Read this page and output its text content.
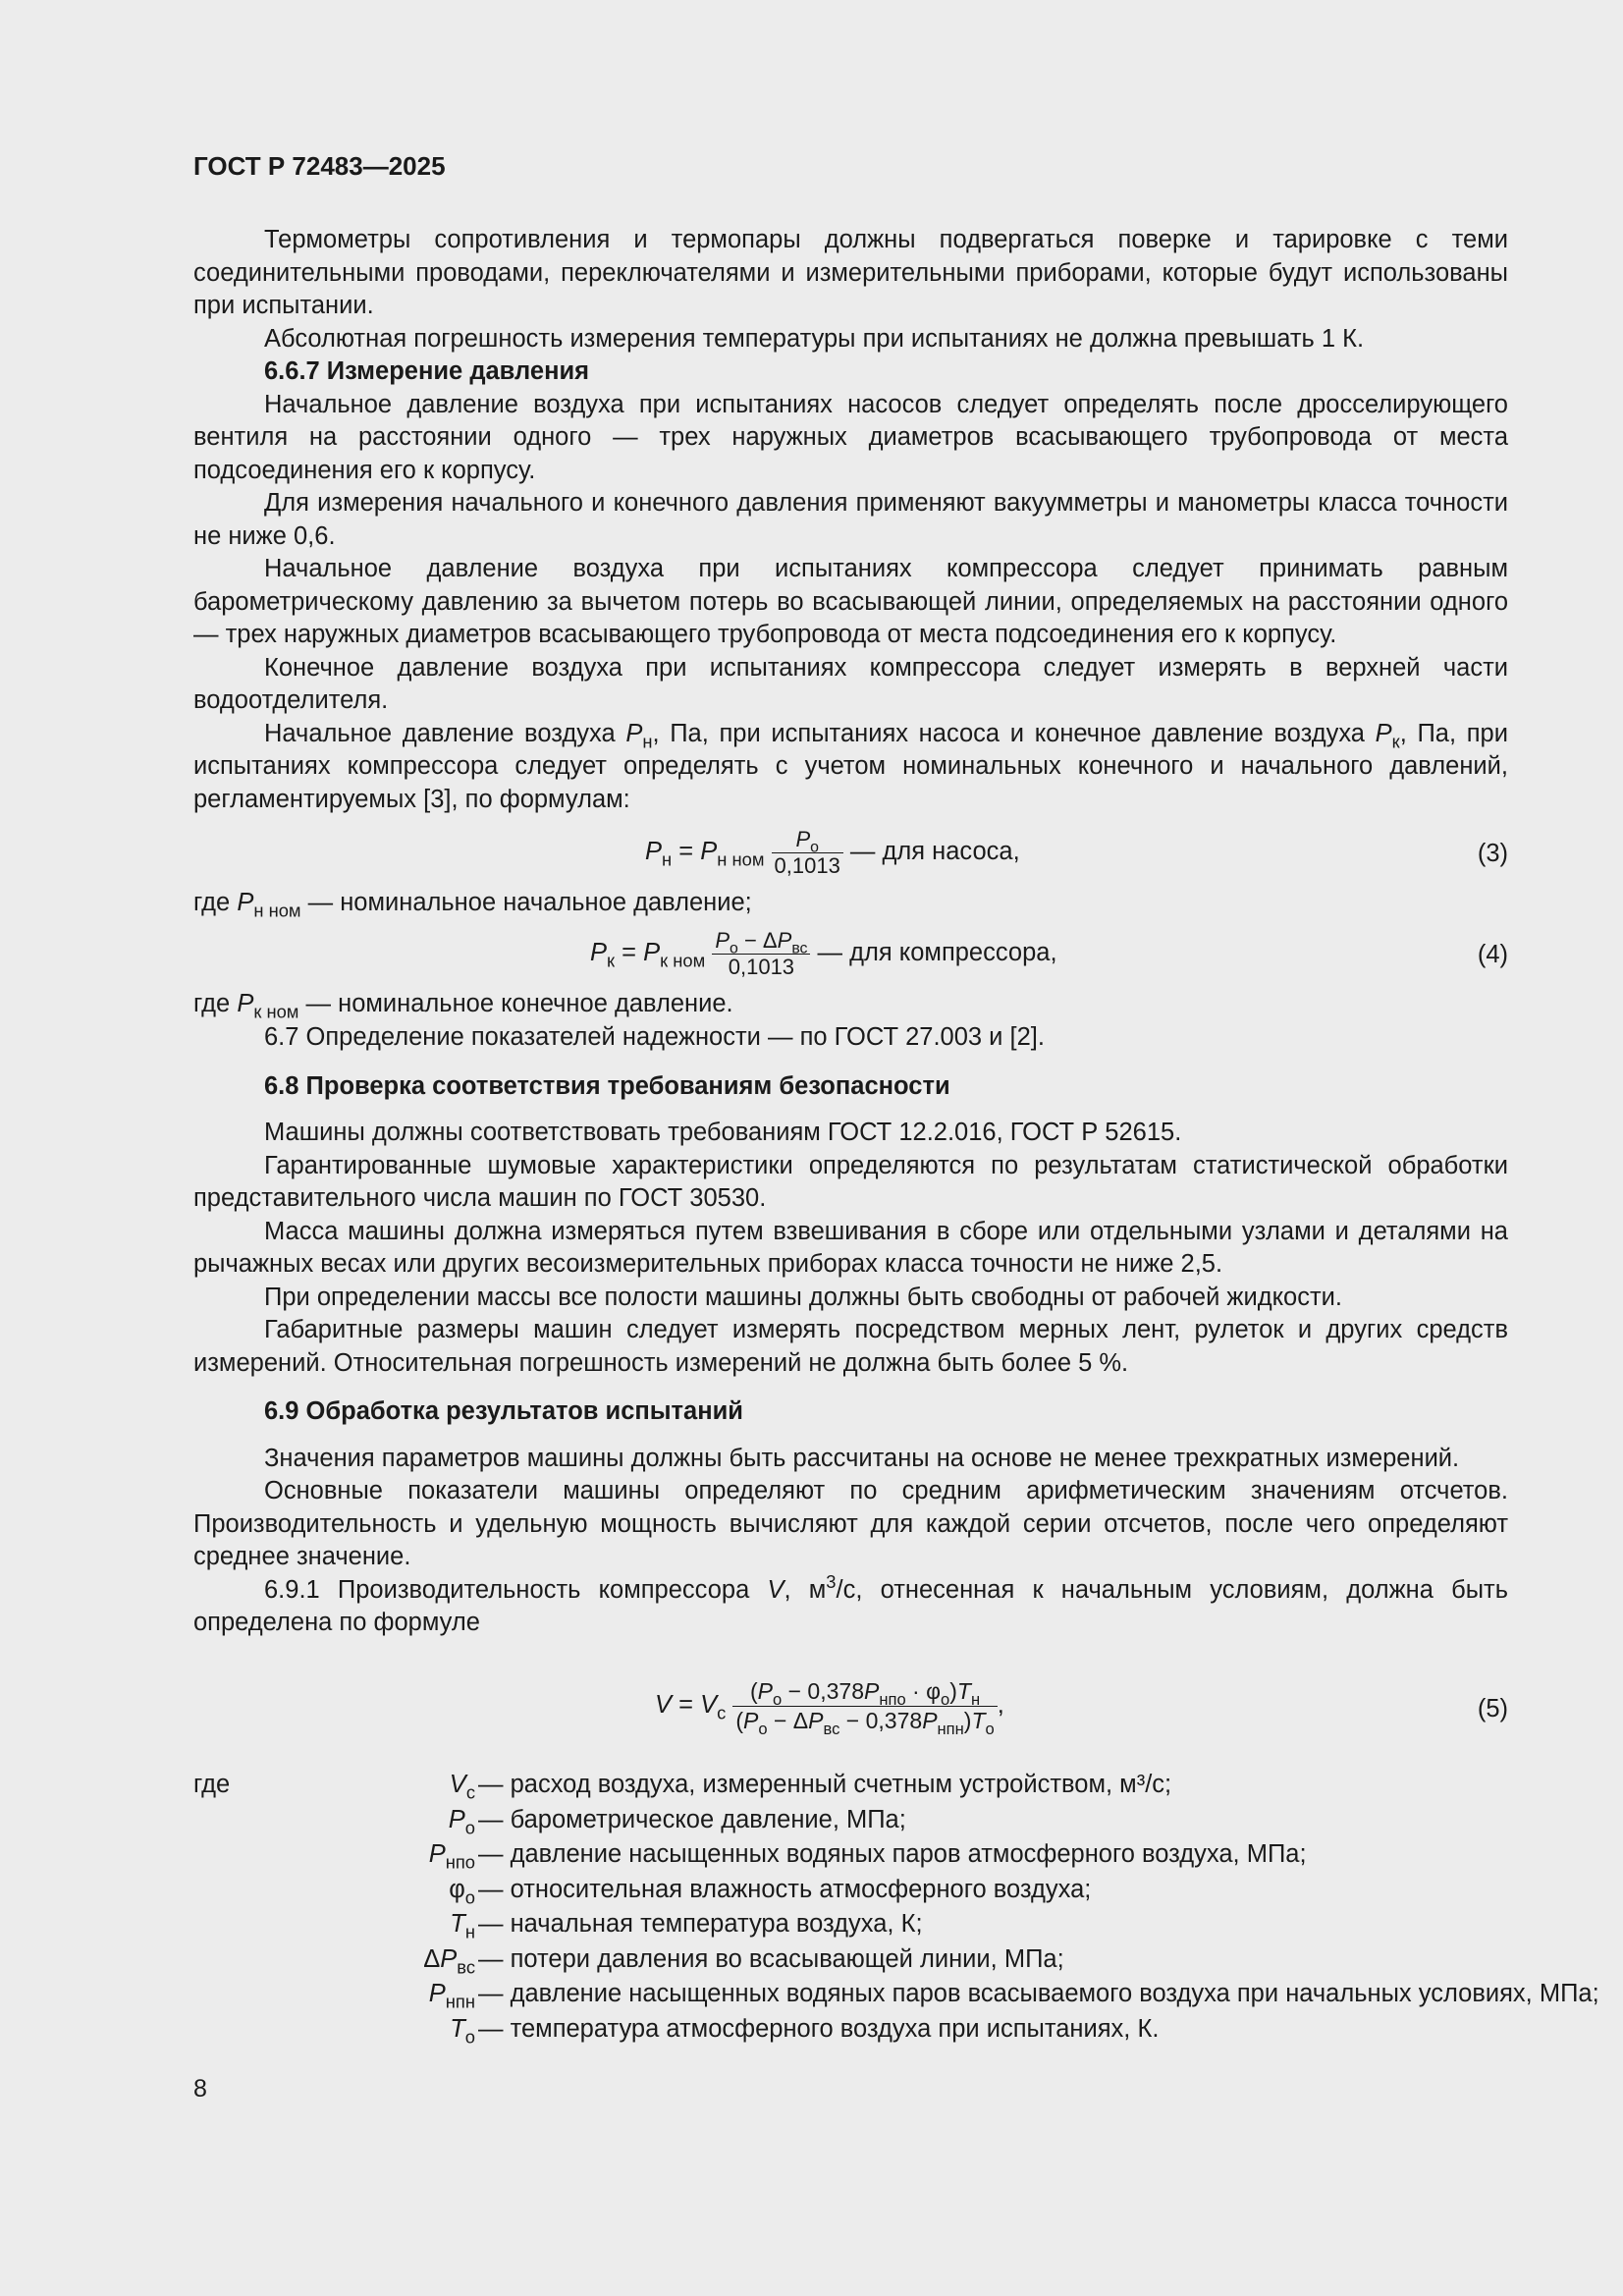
ГОСТ Р 72483—2025

Термометры сопротивления и термопары должны подвергаться поверке и тарировке с теми соединительными проводами, переключателями и измерительными приборами, которые будут использованы при испытании.

Абсолютная погрешность измерения температуры при испытаниях не должна превышать 1 К.

6.6.7 Измерение давления

Начальное давление воздуха при испытаниях насосов следует определять после дросселирующего вентиля на расстоянии одного — трех наружных диаметров всасывающего трубопровода от места подсоединения его к корпусу.

Для измерения начального и конечного давления применяют вакуумметры и манометры класса точности не ниже 0,6.

Начальное давление воздуха при испытаниях компрессора следует принимать равным барометрическому давлению за вычетом потерь во всасывающей линии, определяемых на расстоянии одного — трех наружных диаметров всасывающего трубопровода от места подсоединения его к корпусу.

Конечное давление воздуха при испытаниях компрессора следует измерять в верхней части водоотделителя.

Начальное давление воздуха $P_н$, Па, при испытаниях насоса и конечное давление воздуха $P_к$, Па, при испытаниях компрессора следует определять с учетом номинальных конечного и начального давлений, регламентируемых [3], по формулам:

$P_н = P_{н ном} \frac{P_о}{0,1013}$ — для насоса,	(3)
где $P_{н ном}$ — номинальное начальное давление;
$P_к = P_{к ном} \frac{P_о - \Delta P_{вс}}{0,1013}$ — для компрессора,	(4)
где $P_{к ном}$ — номинальное конечное давление.

6.7 Определение показателей надежности — по ГОСТ 27.003 и [2].

6.8 Проверка соответствия требованиям безопасности

Машины должны соответствовать требованиям ГОСТ 12.2.016, ГОСТ Р 52615.

Гарантированные шумовые характеристики определяются по результатам статистической обработки представительного числа машин по ГОСТ 30530.

Масса машины должна измеряться путем взвешивания в сборе или отдельными узлами и деталями на рычажных весах или других весоизмерительных приборах класса точности не ниже 2,5.

При определении массы все полости машины должны быть свободны от рабочей жидкости.

Габаритные размеры машин следует измерять посредством мерных лент, рулеток и других средств измерений. Относительная погрешность измерений не должна быть более 5 %.

6.9 Обработка результатов испытаний

Значения параметров машины должны быть рассчитаны на основе не менее трехкратных измерений.

Основные показатели машины определяют по средним арифметическим значениям отсчетов. Производительность и удельную мощность вычисляют для каждой серии отсчетов, после чего определяют среднее значение.

6.9.1 Производительность компрессора V, $м^3/с$, отнесенная к начальным условиям, должна быть определена по формуле

$V = V_с \frac{(P_о - 0,378P_{нпо} \cdot \varphi_о)T_н}{(P_о - \Delta P_{вс} - 0,378P_{нпн})T_о}$ ,	(5)
где	$V_с$ — расход воздуха, измеренный счетным устройством, м³/с;
$P_о$ — барометрическое давление, МПа;
$P_{нпо}$ — давление насыщенных водяных паров атмосферного воздуха, МПа;
$\varphi_о$ — относительная влажность атмосферного воздуха;
$T_н$ — начальная температура воздуха, К;
$\Delta P_{вс}$ — потери давления во всасывающей линии, МПа;
$P_{нпн}$ — давление насыщенных водяных паров всасываемого воздуха при начальных условиях, МПа;
$T_о$ — температура атмосферного воздуха при испытаниях, К.
8
